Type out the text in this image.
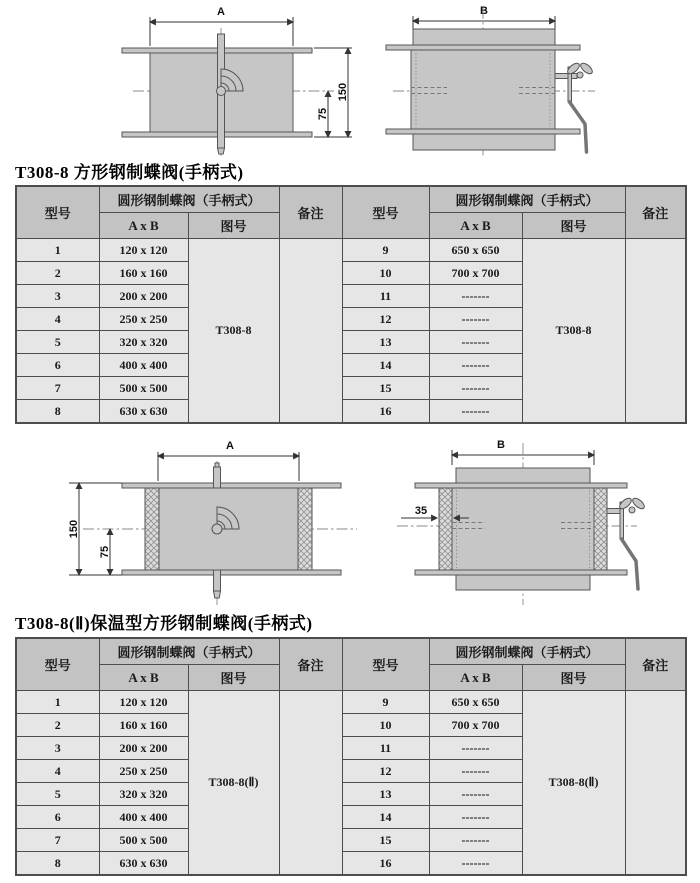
A
75
150
B
A
150
75
B
35
T308-8 方形钢制蝶阀(手柄式)
型号	圆形钢制蝶阀（手柄式）		备注	型号	圆形钢制蝶阀（手柄式）		备注
	A x B	图号			A x B	图号	
1	120 x 120	T308-8		9	650 x 650	T308-8	
2	160 x 160			10	700 x 700		
3	200 x 200			11	-------		
4	250 x 250			12	-------		
5	320 x 320			13	-------		
6	400 x 400			14	-------		
7	500 x 500			15	-------		
8	630 x 630			16	-------		
T308-8(Ⅱ)保温型方形钢制蝶阀(手柄式)
型号	圆形钢制蝶阀（手柄式）		备注	型号	圆形钢制蝶阀（手柄式）		备注
	A x B	图号			A x B	图号	
1	120 x 120	T308-8(Ⅱ)		9	650 x 650	T308-8(Ⅱ)	
2	160 x 160			10	700 x 700		
3	200 x 200			11	-------		
4	250 x 250			12	-------		
5	320 x 320			13	-------		
6	400 x 400			14	-------		
7	500 x 500			15	-------		
8	630 x 630			16	-------		
